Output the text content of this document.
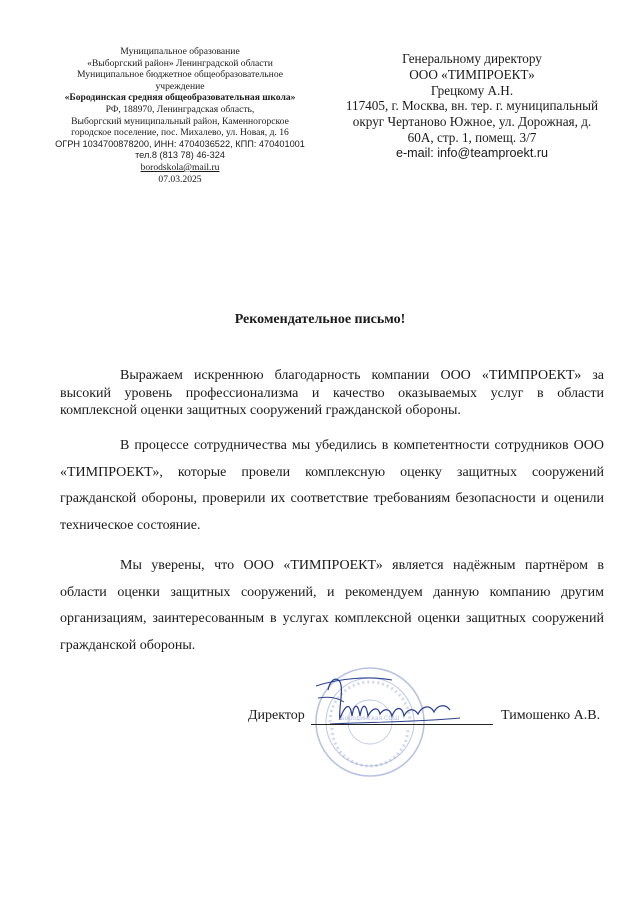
Муниципальное образование
«Выборгский район» Ленинградской области
Муниципальное бюджетное общеобразовательное
учреждение
«Бородинская средняя общеобразовательная школа»
РФ, 188970, Ленинградская область,
Выборгский муниципальный район, Каменногорское
городское поселение, пос. Михалево, ул. Новая, д. 16
ОГРН 1034700878200, ИНН: 4704036522, КПП: 470401001
тел.8 (813 78) 46-324
borodskola@mail.ru
07.03.2025
Генеральному директору
ООО «ТИМПРОЕКТ»
Грецкому А.Н.
117405, г. Москва, вн. тер. г. муниципальный
округ Чертаново Южное, ул. Дорожная, д.
60А, стр. 1, помещ. 3/7
e-mail: info@teamproekt.ru
Рекомендательное письмо!
Выражаем искреннюю благодарность компании ООО «ТИМПРОЕКТ» за высокий уровень профессионализма и качество оказываемых услуг в области комплексной оценки защитных сооружений гражданской обороны.
В процессе сотрудничества мы убедились в компетентности сотрудников ООО «ТИМПРОЕКТ», которые провели комплексную оценку защитных сооружений гражданской обороны, проверили их соответствие требованиям безопасности и оценили техническое состояние.
Мы уверены, что ООО «ТИМПРОЕКТ» является надёжным партнёром в области оценки защитных сооружений, и рекомендуем данную компанию другим организациям, заинтересованным в услугах комплексной оценки защитных сооружений гражданской обороны.
Бородинская СОШ
Директор	Тимошенко А.В.
